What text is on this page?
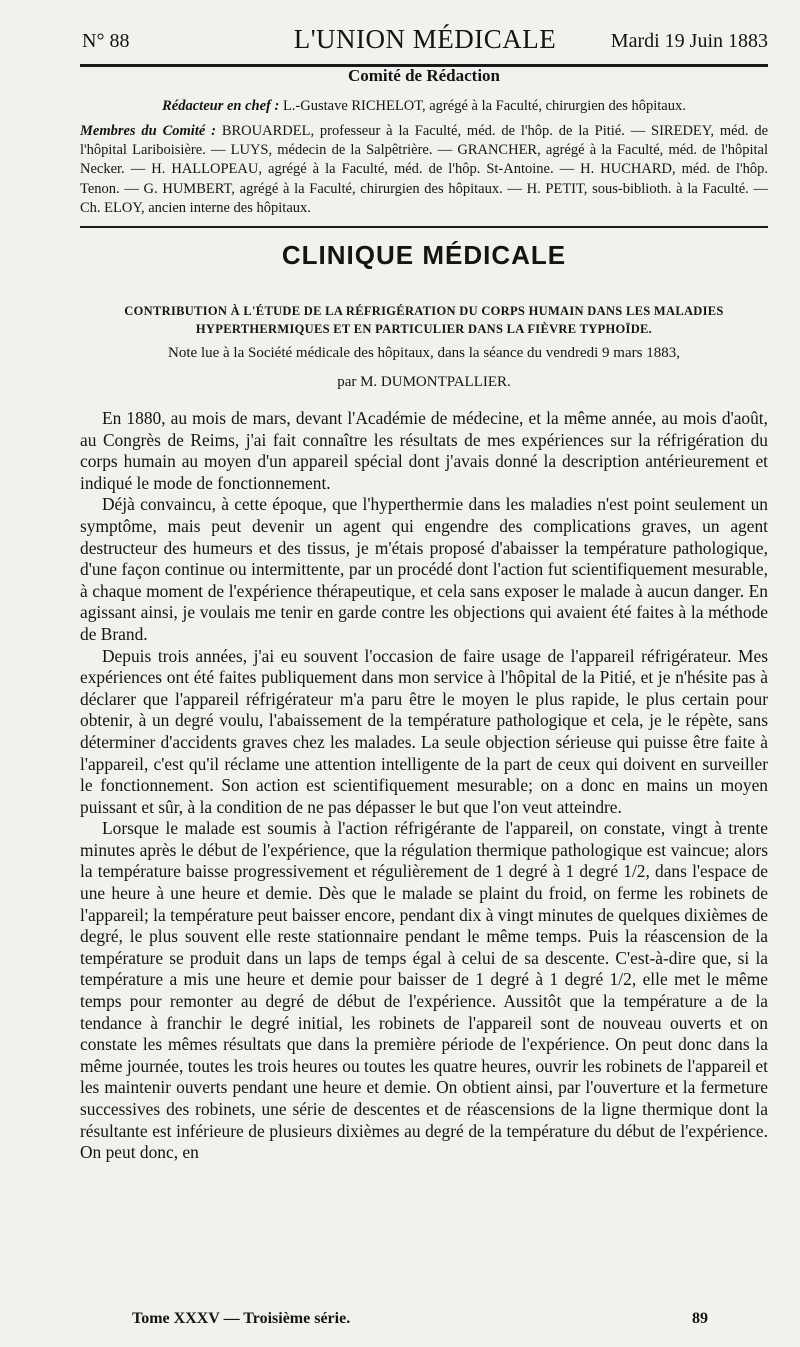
N° 88	L'UNION MÉDICALE	Mardi 19 Juin 1883
Comité de Rédaction
Rédacteur en chef : L.-Gustave RICHELOT, agrégé à la Faculté, chirurgien des hôpitaux.
Membres du Comité : BROUARDEL, professeur à la Faculté, méd. de l'hôp. de la Pitié. — SIREDEY, méd. de l'hôpital Lariboisière. — LUYS, médecin de la Salpêtrière. — GRANCHER, agrégé à la Faculté, méd. de l'hôpital Necker. — H. HALLOPEAU, agrégé à la Faculté, méd. de l'hôp. St-Antoine. — H. HUCHARD, méd. de l'hôp. Tenon. — G. HUMBERT, agrégé à la Faculté, chirurgien des hôpitaux. — H. PETIT, sous-biblioth. à la Faculté. — Ch. ELOY, ancien interne des hôpitaux.
CLINIQUE MÉDICALE
CONTRIBUTION À L'ÉTUDE DE LA RÉFRIGÉRATION DU CORPS HUMAIN DANS LES MALADIES HYPERTHERMIQUES ET EN PARTICULIER DANS LA FIÈVRE TYPHOÏDE.
Note lue à la Société médicale des hôpitaux, dans la séance du vendredi 9 mars 1883,
par M. DUMONTPALLIER.

En 1880, au mois de mars, devant l'Académie de médecine, et la même année, au mois d'août, au Congrès de Reims, j'ai fait connaître les résultats de mes expériences sur la réfrigération du corps humain au moyen d'un appareil spécial dont j'avais donné la description antérieurement et indiqué le mode de fonctionnement.

Déjà convaincu, à cette époque, que l'hyperthermie dans les maladies n'est point seulement un symptôme, mais peut devenir un agent qui engendre des complications graves, un agent destructeur des humeurs et des tissus, je m'étais proposé d'abaisser la température pathologique, d'une façon continue ou intermittente, par un procédé dont l'action fut scientifiquement mesurable, à chaque moment de l'expérience thérapeutique, et cela sans exposer le malade à aucun danger. En agissant ainsi, je voulais me tenir en garde contre les objections qui avaient été faites à la méthode de Brand.

Depuis trois années, j'ai eu souvent l'occasion de faire usage de l'appareil réfrigérateur. Mes expériences ont été faites publiquement dans mon service à l'hôpital de la Pitié, et je n'hésite pas à déclarer que l'appareil réfrigérateur m'a paru être le moyen le plus rapide, le plus certain pour obtenir, à un degré voulu, l'abaissement de la température pathologique et cela, je le répète, sans déterminer d'accidents graves chez les malades. La seule objection sérieuse qui puisse être faite à l'appareil, c'est qu'il réclame une attention intelligente de la part de ceux qui doivent en surveiller le fonctionnement. Son action est scientifiquement mesurable; on a donc en mains un moyen puissant et sûr, à la condition de ne pas dépasser le but que l'on veut atteindre.

Lorsque le malade est soumis à l'action réfrigérante de l'appareil, on constate, vingt à trente minutes après le début de l'expérience, que la régulation thermique pathologique est vaincue; alors la température baisse progressivement et régulièrement de 1 degré à 1 degré 1/2, dans l'espace de une heure à une heure et demie. Dès que le malade se plaint du froid, on ferme les robinets de l'appareil; la température peut baisser encore, pendant dix à vingt minutes de quelques dixièmes de degré, le plus souvent elle reste stationnaire pendant le même temps. Puis la réascension de la température se produit dans un laps de temps égal à celui de sa descente. C'est-à-dire que, si la température a mis une heure et demie pour baisser de 1 degré à 1 degré 1/2, elle met le même temps pour remonter au degré de début de l'expérience. Aussitôt que la température a de la tendance à franchir le degré initial, les robinets de l'appareil sont de nouveau ouverts et on constate les mêmes résultats que dans la première période de l'expérience. On peut donc dans la même journée, toutes les trois heures ou toutes les quatre heures, ouvrir les robinets de l'appareil et les maintenir ouverts pendant une heure et demie. On obtient ainsi, par l'ouverture et la fermeture successives des robinets, une série de descentes et de réascensions de la ligne thermique dont la résultante est inférieure de plusieurs dixièmes au degré de la température du début de l'expérience. On peut donc, en

Tome XXXV — Troisième série.	89
